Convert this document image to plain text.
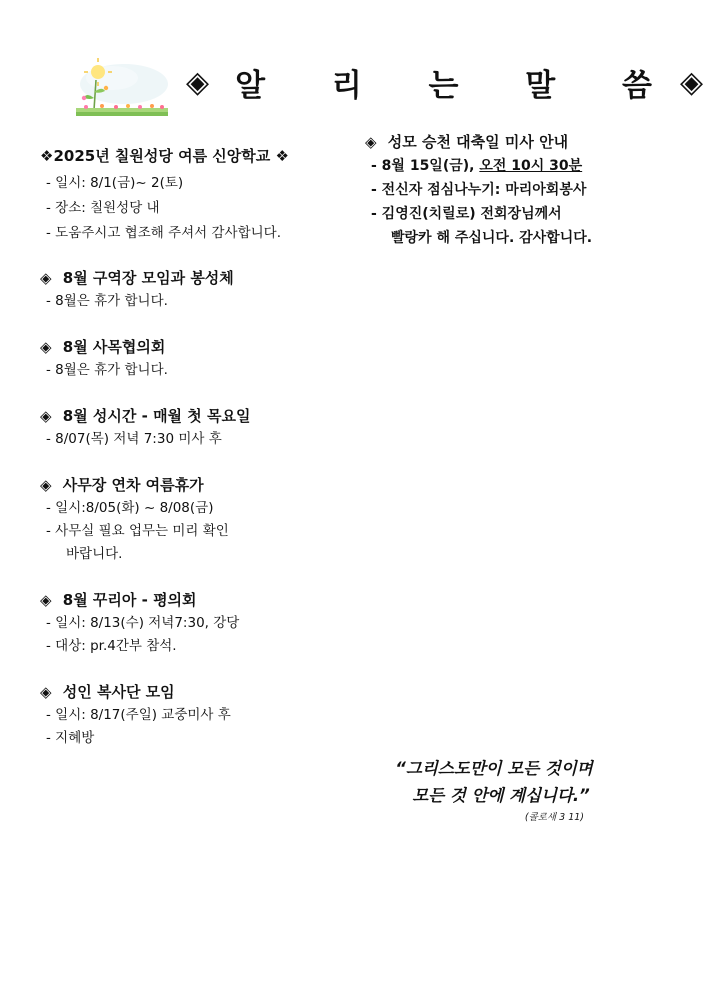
◈ 알 리 는 말 씀 ◈
❖2025년 칠원성당 여름 신앙학교 ❖
- 일시: 8/1(금)~ 2(토)
- 장소: 칠원성당 내
- 도움주시고 협조해 주셔서 감사합니다.
◈ 8월 구역장 모임과 봉성체
- 8월은 휴가 합니다.
◈ 8월 사목협의회
- 8월은 휴가 합니다.
◈ 8월 성시간 - 매월 첫 목요일
- 8/07(목) 저녁 7:30 미사 후
◈ 사무장 연차 여름휴가
- 일시:8/05(화) ~ 8/08(금)
- 사무실 필요 업무는 미리 확인
바랍니다.
◈ 8월 꾸리아 - 평의회
- 일시: 8/13(수) 저녁7:30, 강당
- 대상: pr.4간부 참석.
◈ 성인 복사단 모임
- 일시: 8/17(주일) 교중미사 후
- 지혜방
◈ 성모 승천 대축일 미사 안내
- 8월 15일(금), 오전 10시 30분
- 전신자 점심나누기: 마리아회봉사
- 김영진(치릴로) 전회장님께서
빨랑카 해 주십니다. 감사합니다.
“그리스도만이 모든 것이며
모든 것 안에 계십니다.”
(콜로새 3 11)
